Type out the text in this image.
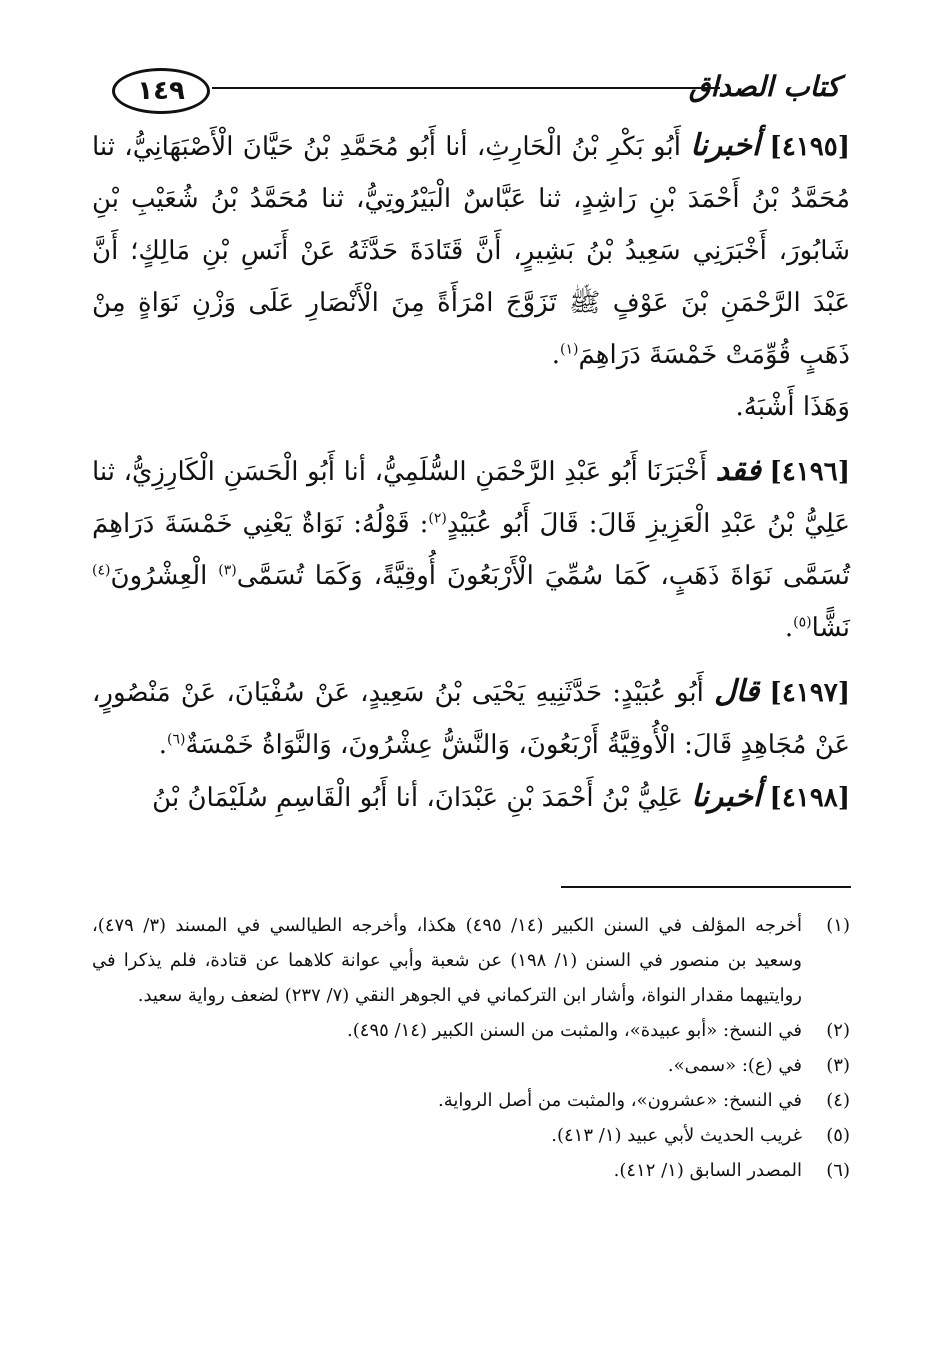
١٤٩	كتاب الصداق

[٤١٩٥] أخبرنا أَبُو بَكْرِ بْنُ الْحَارِثِ، أنا أَبُو مُحَمَّدِ بْنُ حَيَّانَ الْأَصْبَهَانِيُّ، ثنا مُحَمَّدُ بْنُ أَحْمَدَ بْنِ رَاشِدٍ، ثنا عَبَّاسٌ الْبَيْرُوتِيُّ، ثنا مُحَمَّدُ بْنُ شُعَيْبِ بْنِ شَابُورَ، أَخْبَرَنِي سَعِيدُ بْنُ بَشِيرٍ، أَنَّ قَتَادَةَ حَدَّثَهُ عَنْ أَنَسِ بْنِ مَالِكٍ؛ أَنَّ عَبْدَ الرَّحْمَنِ بْنَ عَوْفٍ ﷺ تَزَوَّجَ امْرَأَةً مِنَ الْأَنْصَارِ عَلَى وَزْنِ نَوَاةٍ مِنْ ذَهَبٍ قُوِّمَتْ خَمْسَةَ دَرَاهِمَ$^{(١)}$.

وَهَذَا أَشْبَهُ.

[٤١٩٦] فقد أَخْبَرَنَا أَبُو عَبْدِ الرَّحْمَنِ السُّلَمِيُّ، أنا أَبُو الْحَسَنِ الْكَارِزِيُّ، ثنا عَلِيُّ بْنُ عَبْدِ الْعَزِيزِ قَالَ: قَالَ أَبُو عُبَيْدٍ$^{(٢)}$: قَوْلُهُ: نَوَاةٌ يَعْنِي خَمْسَةَ دَرَاهِمَ تُسَمَّى نَوَاةَ ذَهَبٍ، كَمَا سُمِّيَ الْأَرْبَعُونَ أُوقِيَّةً، وَكَمَا تُسَمَّى$^{(٣)}$ الْعِشْرُونَ$^{(٤)}$ نَشًّا$^{(٥)}$.

[٤١٩٧] قال أَبُو عُبَيْدٍ: حَدَّثَنِيهِ يَحْيَى بْنُ سَعِيدٍ، عَنْ سُفْيَانَ، عَنْ مَنْصُورٍ، عَنْ مُجَاهِدٍ قَالَ: الْأُوقِيَّةُ أَرْبَعُونَ، وَالنَّشُّ عِشْرُونَ، وَالنَّوَاةُ خَمْسَةٌ$^{(٦)}$.

[٤١٩٨] أخبرنا عَلِيُّ بْنُ أَحْمَدَ بْنِ عَبْدَانَ، أنا أَبُو الْقَاسِمِ سُلَيْمَانُ بْنُ

(١)
أخرجه المؤلف في السنن الكبير (١٤/ ٤٩٥) هكذا، وأخرجه الطيالسي في المسند (٣/ ٤٧٩)، وسعيد بن منصور في السنن (١/ ١٩٨) عن شعبة وأبي عوانة كلاهما عن قتادة، فلم يذكرا في روايتيهما مقدار النواة، وأشار ابن التركماني في الجوهر النقي (٧/ ٢٣٧) لضعف رواية سعيد.

(٢)
في النسخ: «أبو عبيدة»، والمثبت من السنن الكبير (١٤/ ٤٩٥).

(٣)
في (ع): «سمى».

(٤)
في النسخ: «عشرون»، والمثبت من أصل الرواية.

(٥)
غريب الحديث لأبي عبيد (١/ ٤١٣).

(٦)
المصدر السابق (١/ ٤١٢).
